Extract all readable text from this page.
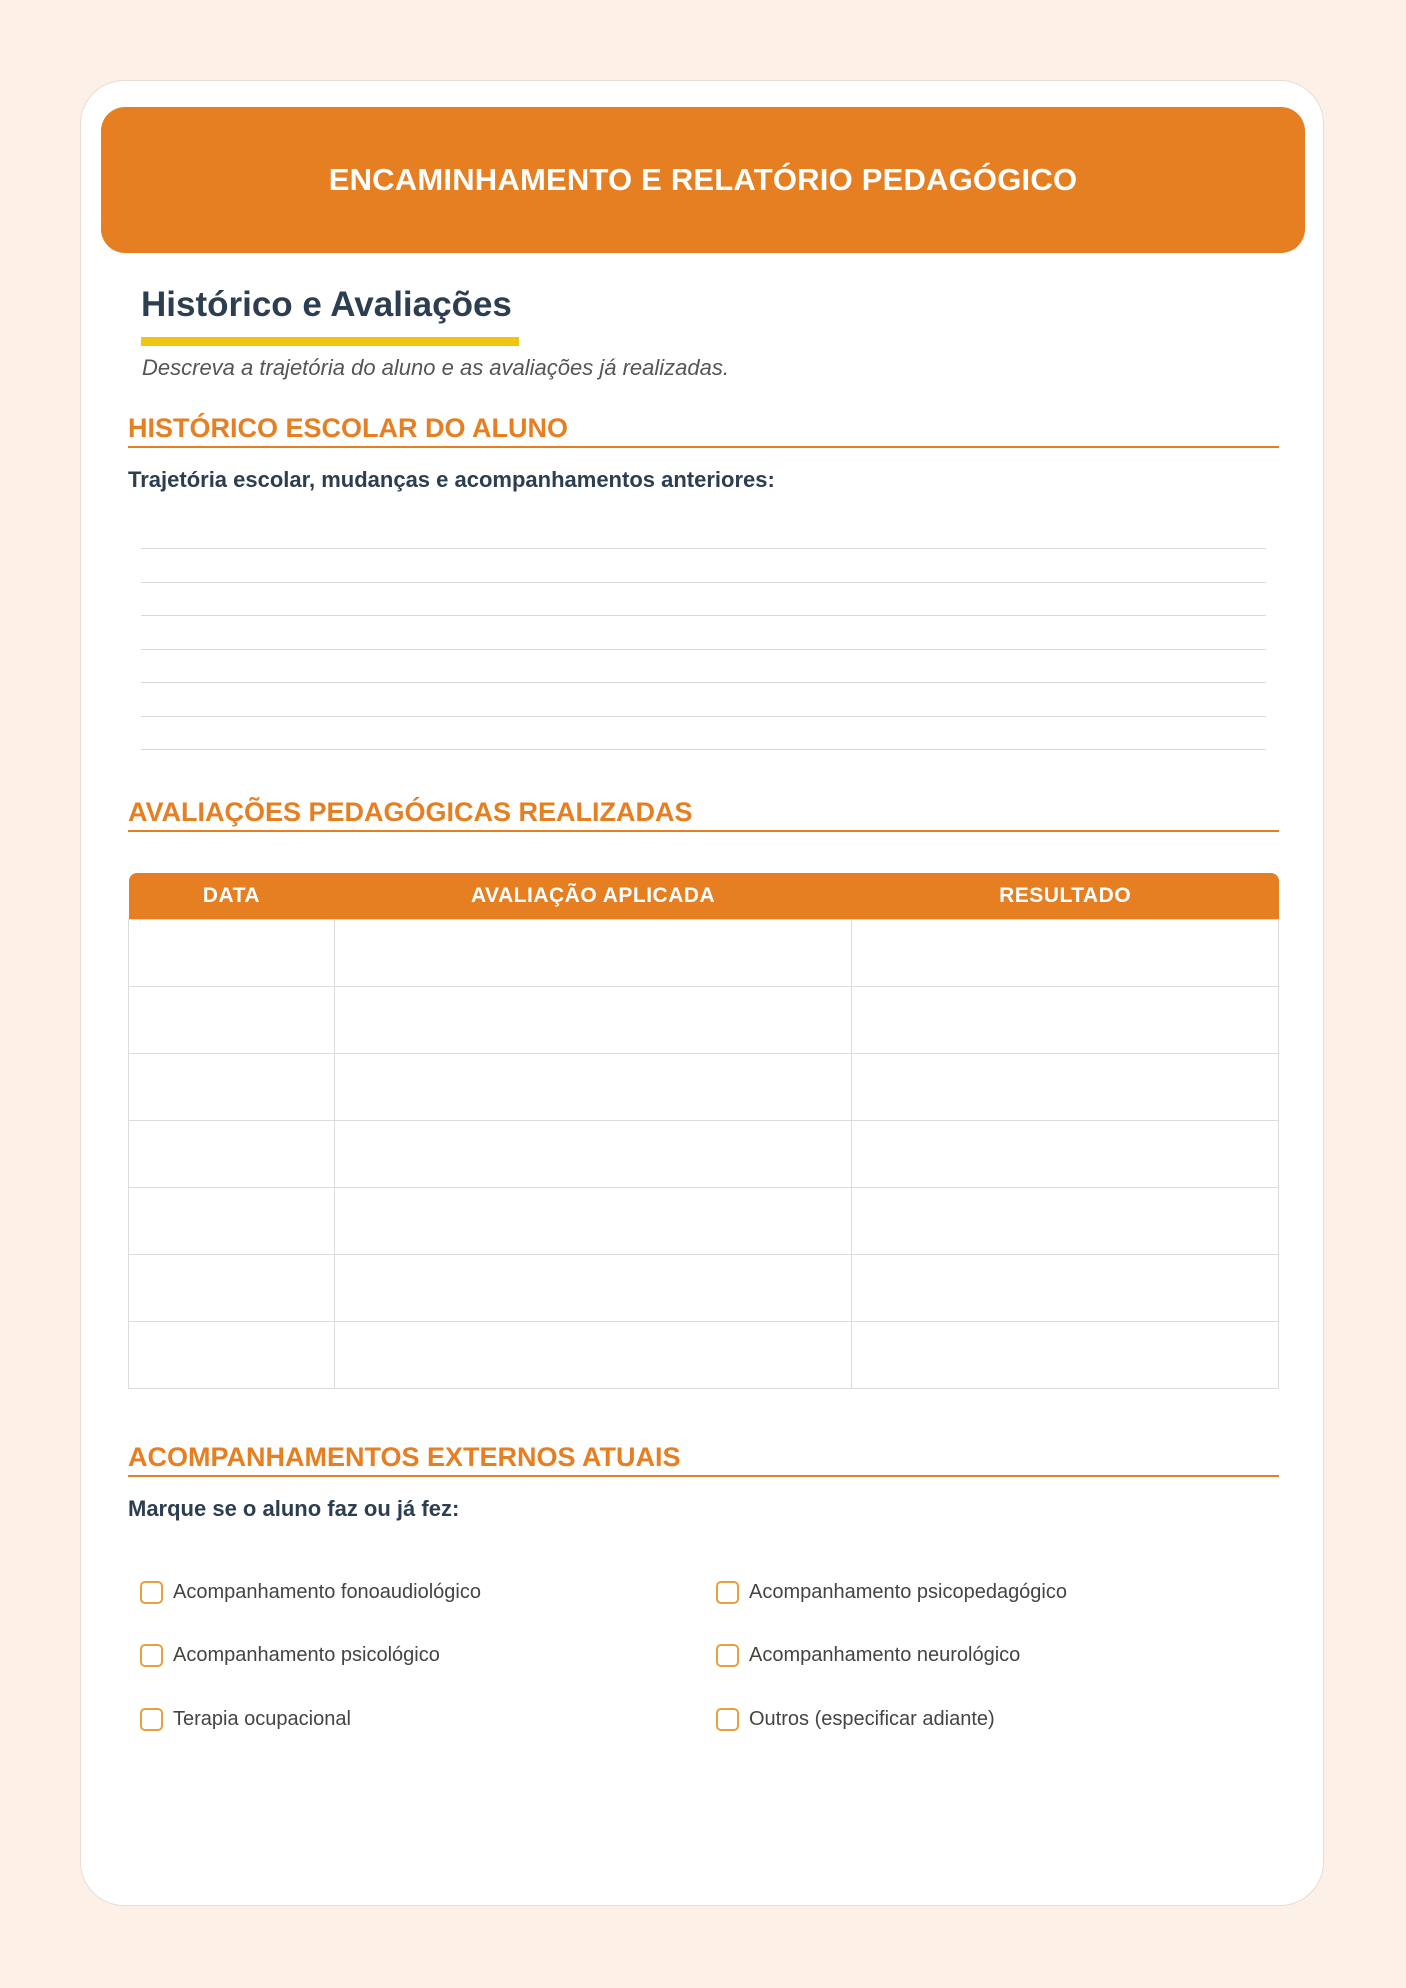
ENCAMINHAMENTO E RELATÓRIO PEDAGÓGICO
Histórico e Avaliações
Descreva a trajetória do aluno e as avaliações já realizadas.
HISTÓRICO ESCOLAR DO ALUNO
Trajetória escolar, mudanças e acompanhamentos anteriores:
AVALIAÇÕES PEDAGÓGICAS REALIZADAS
DATA	AVALIAÇÃO APLICADA	RESULTADO

ACOMPANHAMENTOS EXTERNOS ATUAIS
Marque se o aluno faz ou já fez:
Acompanhamento fonoaudiológico	Acompanhamento psicopedagógico
Acompanhamento psicológico	Acompanhamento neurológico
Terapia ocupacional	Outros (especificar adiante)
